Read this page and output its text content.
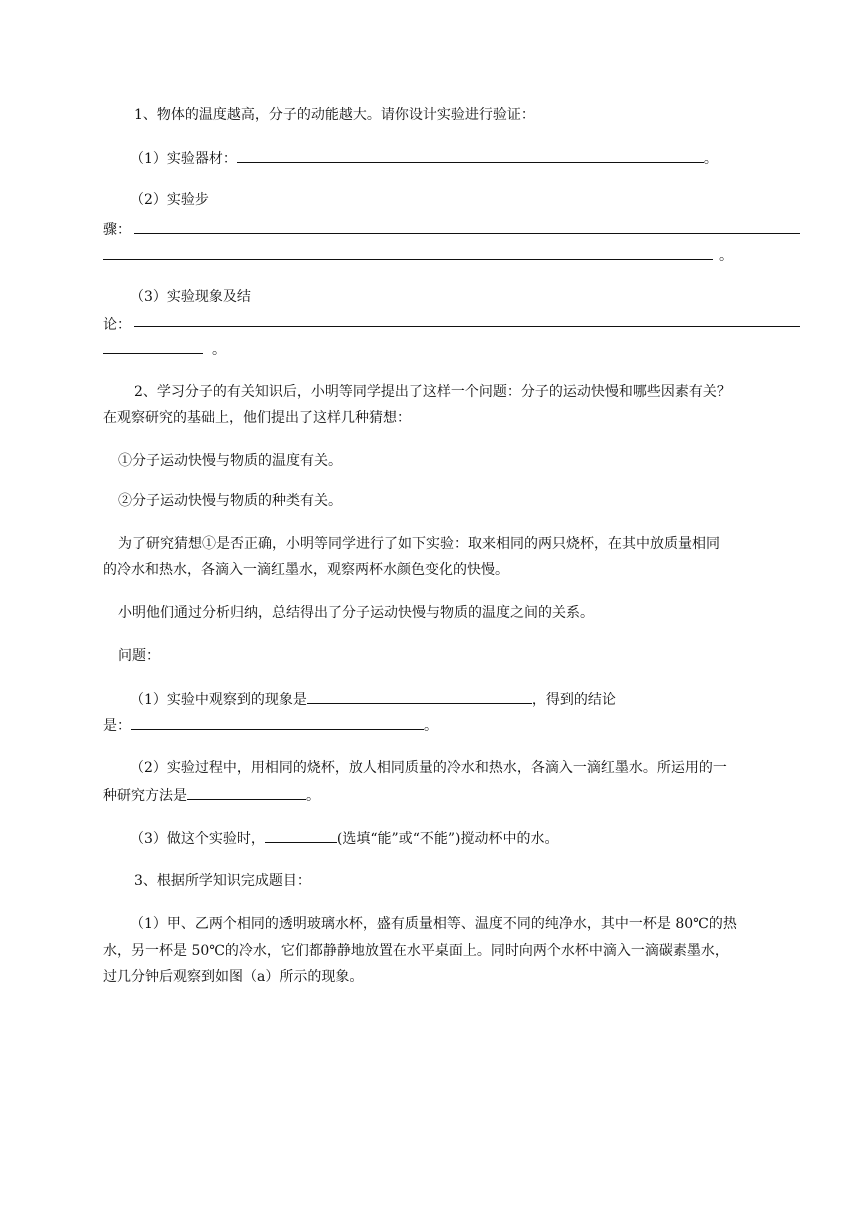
1、物体的温度越高，分子的动能越大。请你设计实验进行验证：
（1）实验器材：	。
（2）实验步
骤：
。
（3）实验现象及结
论：
。
2、学习分子的有关知识后，小明等同学提出了这样一个问题：分子的运动快慢和哪些因素有关？
在观察研究的基础上，他们提出了这样几种猜想：
①分子运动快慢与物质的温度有关。
②分子运动快慢与物质的种类有关。
为了研究猜想①是否正确，小明等同学进行了如下实验：取来相同的两只烧杯，在其中放质量相同
的冷水和热水，各滴入一滴红墨水，观察两杯水颜色变化的快慢。
小明他们通过分析归纳，总结得出了分子运动快慢与物质的温度之间的关系。
问题：
（1）实验中观察到的现象是	，得到的结论
是：	。
（2）实验过程中，用相同的烧杯，放人相同质量的冷水和热水，各滴入一滴红墨水。所运用的一
种研究方法是	。
（3）做这个实验时，	(选填“能”或“不能”)搅动杯中的水。
3、根据所学知识完成题目：
（1）甲、乙两个相同的透明玻璃水杯，盛有质量相等、温度不同的纯净水，其中一杯是 80℃的热
水，另一杯是 50℃的冷水，它们都静静地放置在水平桌面上。同时向两个水杯中滴入一滴碳素墨水，
过几分钟后观察到如图（a）所示的现象。
